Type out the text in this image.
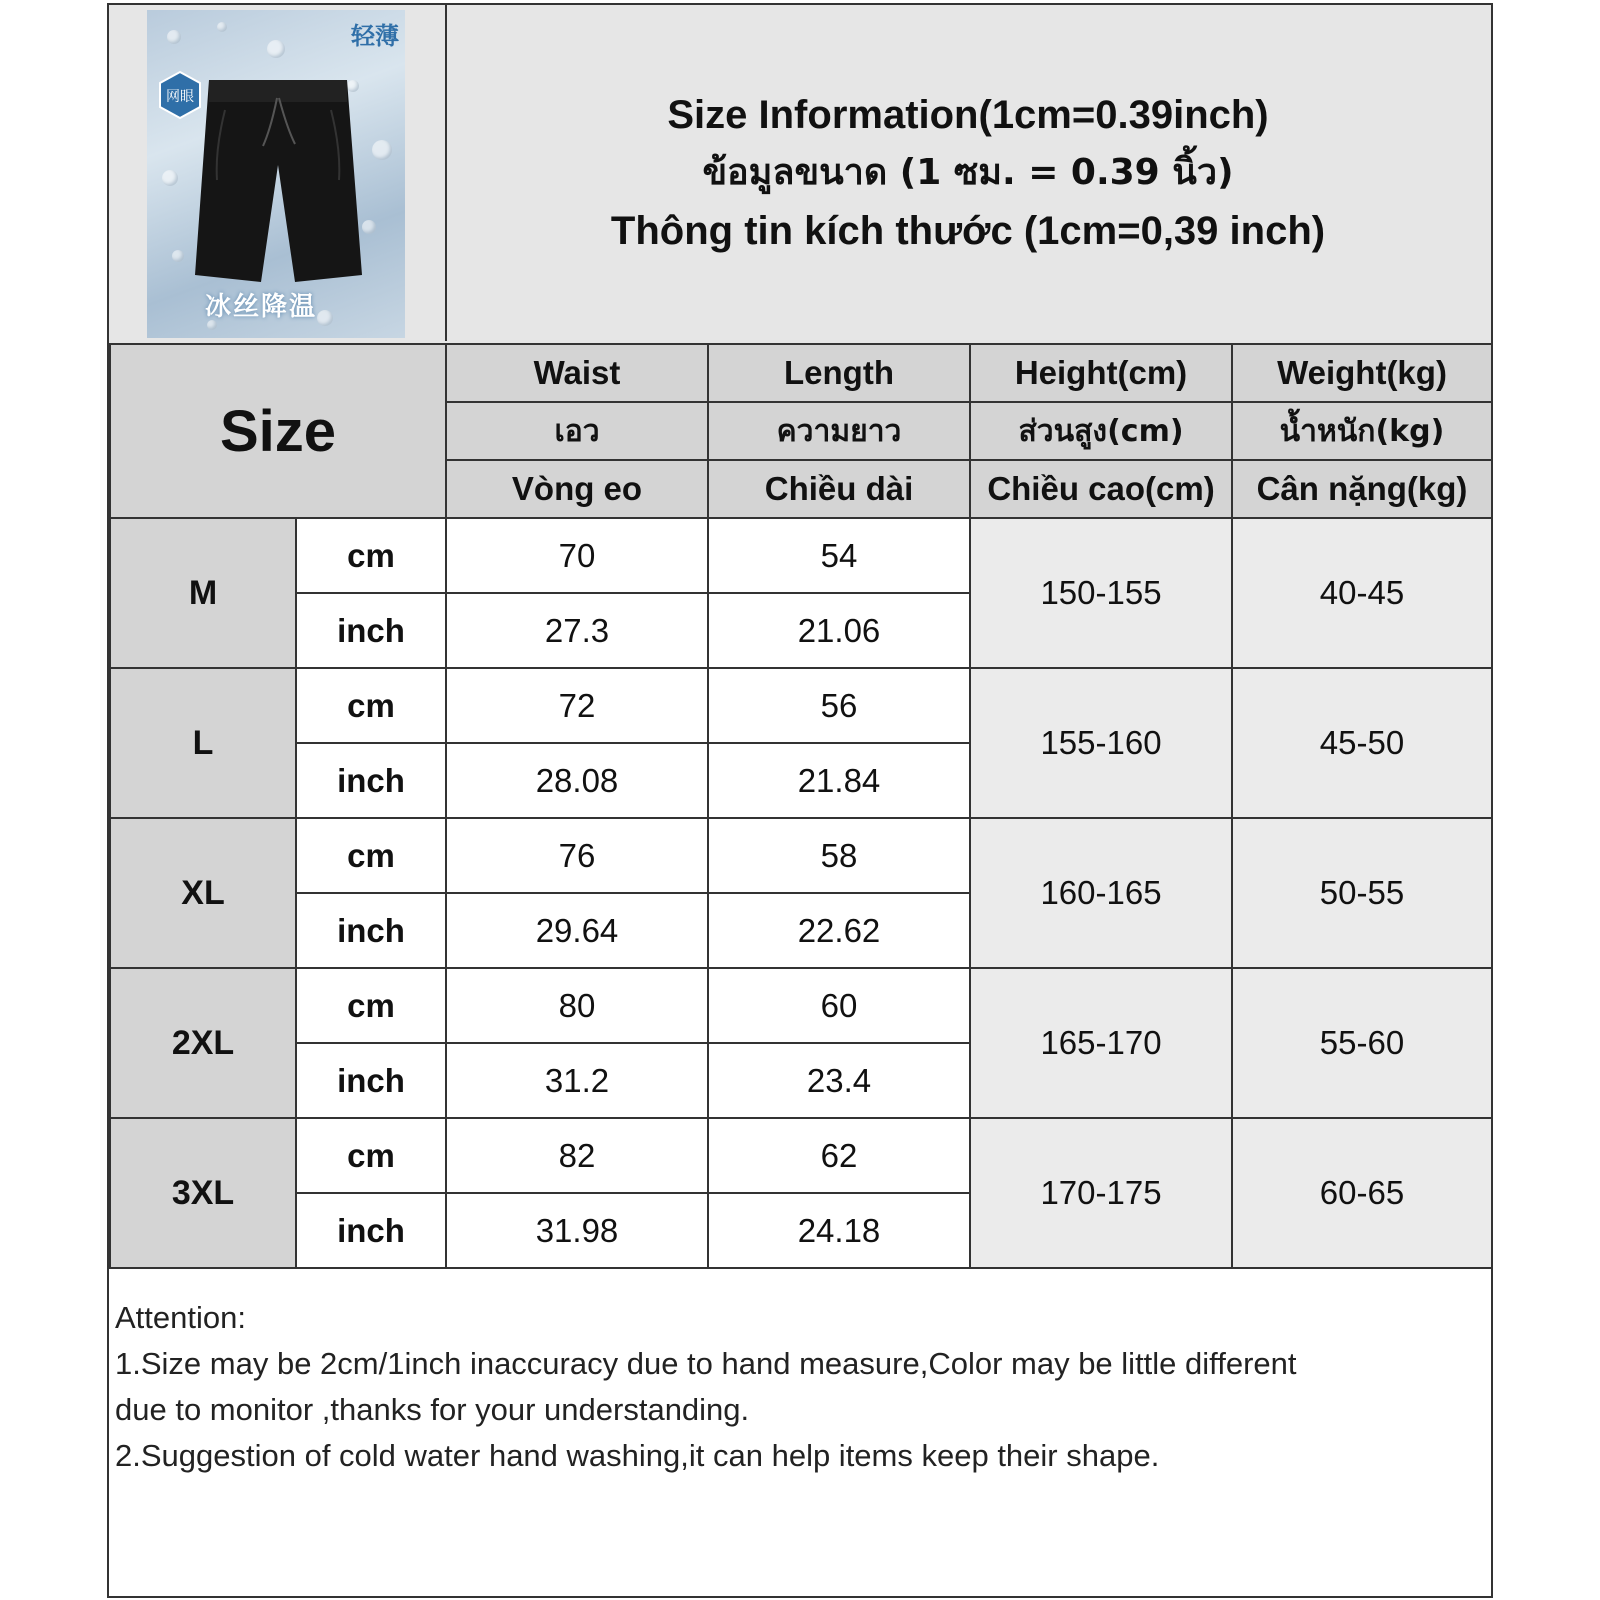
网眼
轻薄
冰丝降温
Size Information(1cm=0.39inch)
ข้อมูลขนาด (1 ซม. = 0.39 นิ้ว)
Thông tin kích thước (1cm=0,39 inch)
Size		Waist	Length	Height(cm)	Weight(kg)
		เอว	ความยาว	ส่วนสูง(cm)	น้ำหนัก(kg)
		Vòng eo	Chiều dài	Chiều cao(cm)	Cân nặng(kg)
M	cm	70	54	150-155	40-45
	inch	27.3	21.06		
L	cm	72	56	155-160	45-50
	inch	28.08	21.84		
XL	cm	76	58	160-165	50-55
	inch	29.64	22.62		
2XL	cm	80	60	165-170	55-60
	inch	31.2	23.4		
3XL	cm	82	62	170-175	60-65
	inch	31.98	24.18		
Attention:
1.Size may be 2cm/1inch inaccuracy due to hand measure,Color may be little different
due to monitor ,thanks for your understanding.
2.Suggestion of cold water hand washing,it can help items keep their shape.
